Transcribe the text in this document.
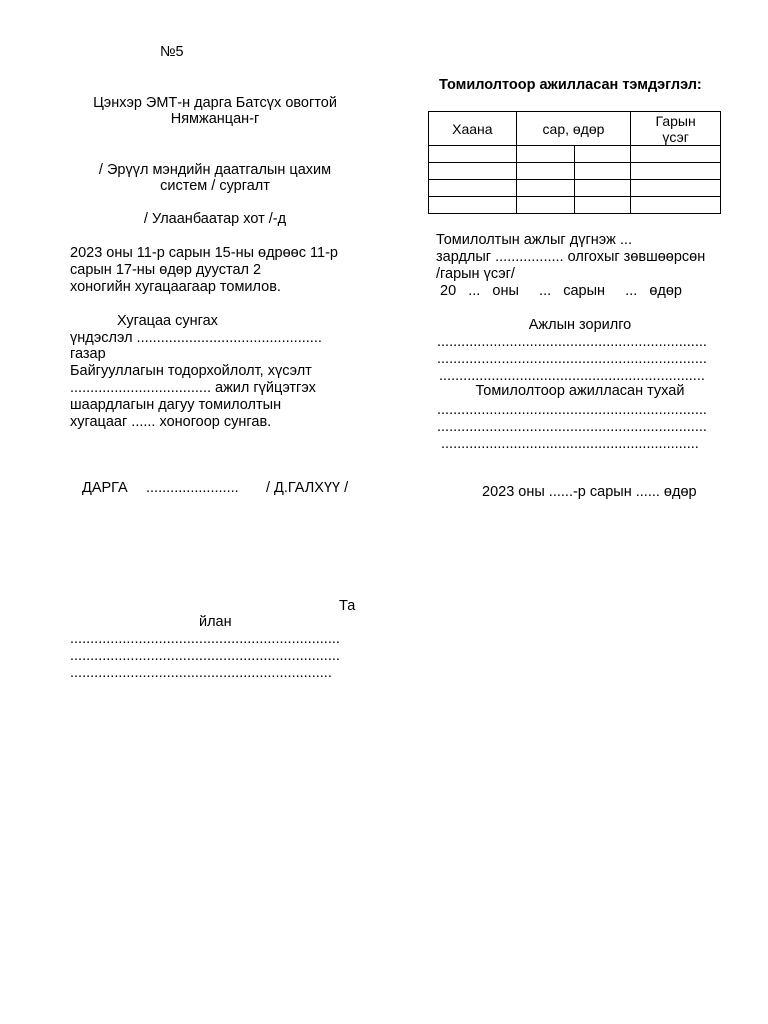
№5
Цэнхэр ЭМТ-н дарга Батсүх овогтой
Нямжанцан-г
/ Эрүүл мэндийн даатгалын цахим
систем / сургалт
/ Улаанбаатар хот /-д
2023 оны 11-р сарын 15-ны өдрөөс 11-р
сарын 17-ны өдөр дуустал 2
хоногийн хугацаагаар томилов.
Хугацаа сунгах
үндэслэл ..............................................
газар
Байгууллагын тодорхойлолт, хүсэлт
................................... ажил гүйцэтгэх
шаардлагын дагуу томилолтын
хугацааг ...... хоногоор сунгав.
ДАРГА ....................... / Д.ГАЛХҮҮ /
Та
йлан
...................................................................
...................................................................
.................................................................
Томилолтоор ажилласан тэмдэглэл:
Хаана	сар, өдөр		Гарын
үсэг

Томилолтын ажлыг дүгнэж ...
зардлыг ................. олгохыг зөвшөөрсөн
/гарын үсэг/
20   ...   оны     ...   сарын     ...   өдөр
Ажлын зорилго
...................................................................
...................................................................
..................................................................
Томилолтоор ажилласан тухай
...................................................................
...................................................................
................................................................
2023 оны ......-р сарын ...... өдөр
